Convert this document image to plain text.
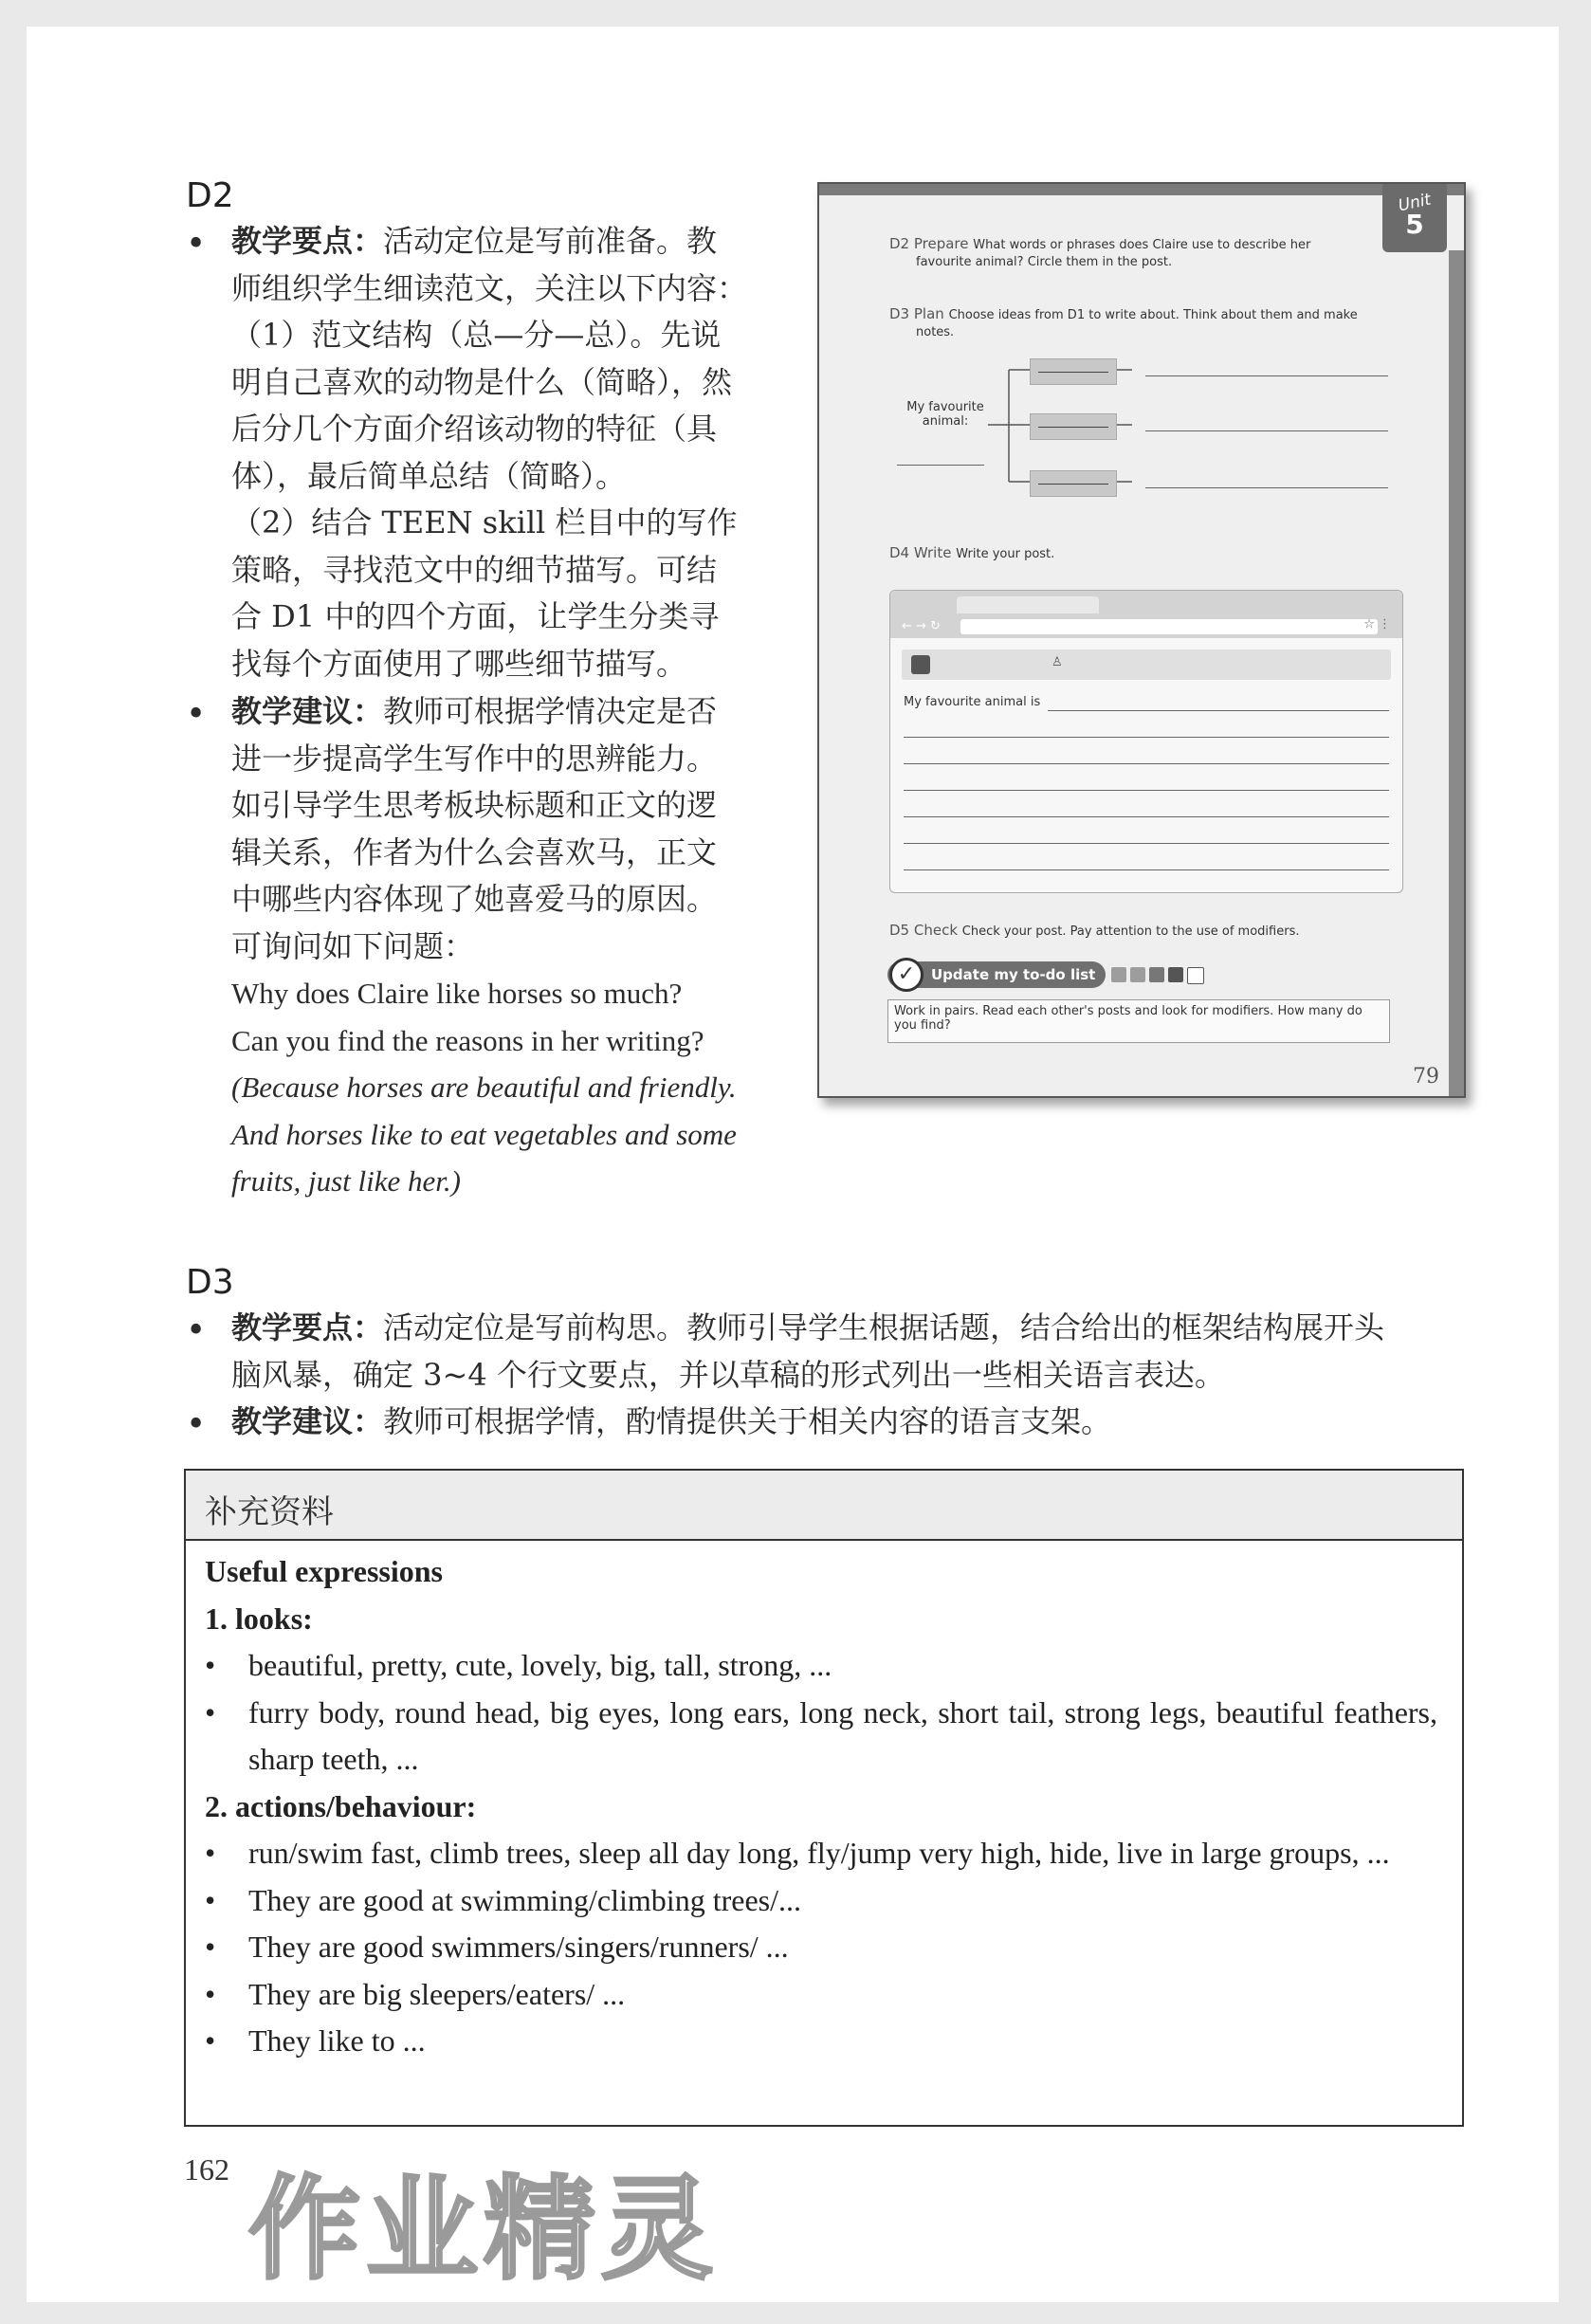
D2
• 教学要点：活动定位是写前准备。教

师组织学生细读范文，关注以下内容：

（1）范文结构（总—分—总）。先说

明自己喜欢的动物是什么（简略），然

后分几个方面介绍该动物的特征（具

体），最后简单总结（简略）。

（2）结合 TEEN skill 栏目中的写作

策略，寻找范文中的细节描写。可结

合 D1 中的四个方面，让学生分类寻

找每个方面使用了哪些细节描写。

• 教学建议：教师可根据学情决定是否

进一步提高学生写作中的思辨能力。

如引导学生思考板块标题和正文的逻

辑关系，作者为什么会喜欢马，正文

中哪些内容体现了她喜爱马的原因。

可询问如下问题：

Why does Claire like horses so much?

Can you find the reasons in her writing?

(Because horses are beautiful and friendly.

And horses like to eat vegetables and some

fruits, just like her.)

Unit
5
D2 Prepare What words or phrases does Claire use to describe her
favourite animal? Circle them in the post.
D3 Plan Choose ideas from D1 to write about. Think about them and make
notes.
My favourite
animal:
D4 Write Write your post.
← → ↻	☆ ⋮
♙
My favourite animal is
D5 Check Check your post. Pay attention to the use of modifiers.
Update my to-do list
✓
Work in pairs. Read each other's posts and look for modifiers. How many do you find?
79
D3
• 教学要点：活动定位是写前构思。教师引导学生根据话题，结合给出的框架结构展开头

脑风暴，确定 3~4 个行文要点，并以草稿的形式列出一些相关语言表达。

• 教学建议：教师可根据学情，酌情提供关于相关内容的语言支架。

补充资料
Useful expressions
1. looks:
• beautiful, pretty, cute, lovely, big, tall, strong, ...
• furry body, round head, big eyes, long ears, long neck, short tail, strong legs, beautiful feathers, sharp teeth, ...
2. actions/behaviour:
• run/swim fast, climb trees, sleep all day long, fly/jump very high, hide, live in large groups, ...
• They are good at swimming/climbing trees/...
• They are good swimmers/singers/runners/ ...
• They are big sleepers/eaters/ ...
• They like to ...
162 作业精灵
